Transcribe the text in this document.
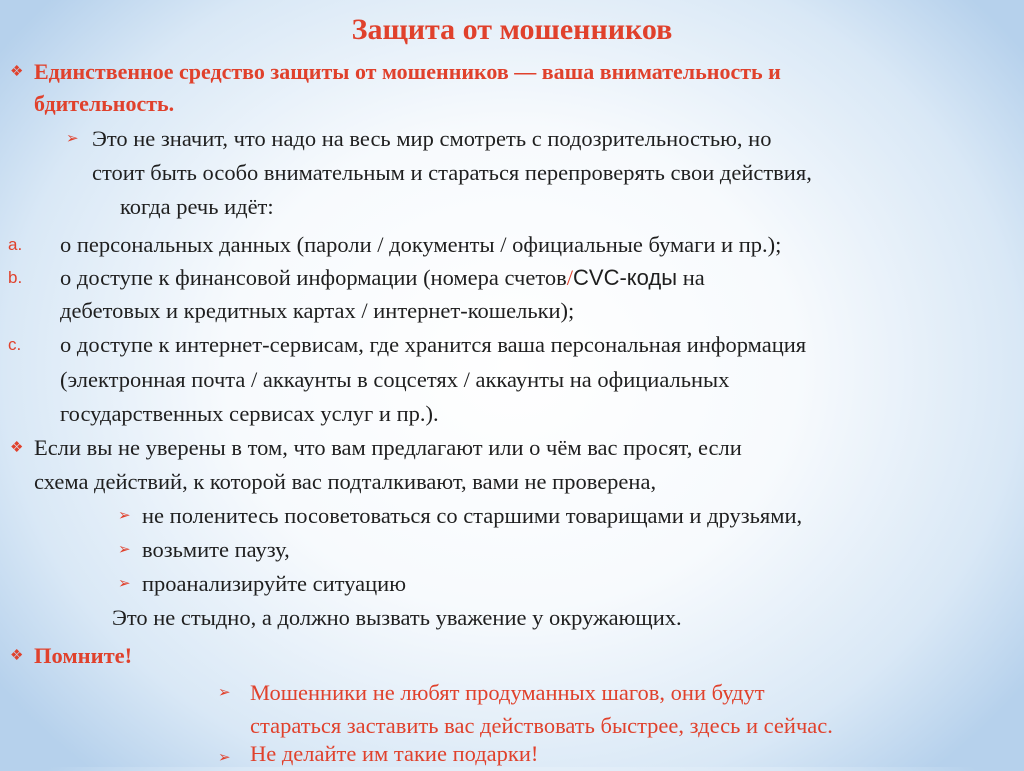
Защита от мошенников
❖ Единственное средство защиты от мошенников — ваша внимательность и
бдительность.
➢ Это не значит, что надо на весь мир смотреть с подозрительностью, но
стоит быть особо внимательным и стараться перепроверять свои действия,
когда речь идёт:
a. о персональных данных (пароли / документы / официальные бумаги и пр.);
b. о доступе к финансовой информации (номера счетов/CVC-коды на
дебетовых и кредитных картах / интернет-кошельки);
c. о доступе к интернет-сервисам, где хранится ваша персональная информация
(электронная почта / аккаунты в соцсетях / аккаунты на официальных
государственных сервисах услуг и пр.).
❖ Если вы не уверены в том, что вам предлагают или о чём вас просят, если
схема действий, к которой вас подталкивают, вами не проверена,
➢ не поленитесь посоветоваться со старшими товарищами и друзьями,
➢ возьмите паузу,
➢ проанализируйте ситуацию
Это не стыдно, а должно вызвать уважение у окружающих.
❖ Помните!
➢ Мошенники не любят продуманных шагов, они будут
стараться заставить вас действовать быстрее, здесь и сейчас.
➢ Не делайте им такие подарки!
